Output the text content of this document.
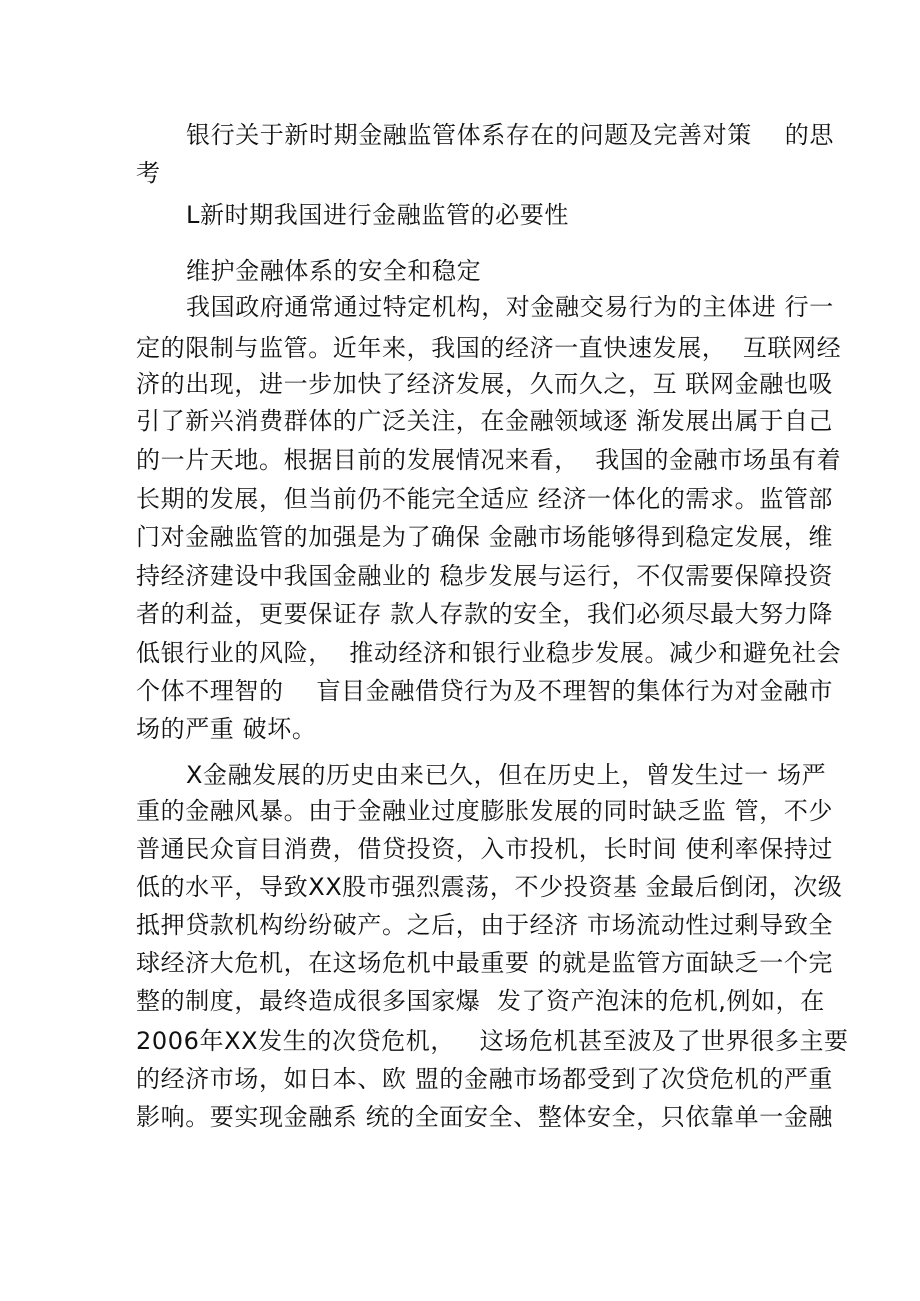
银行关于新时期金融监管体系存在的问题及完善对策    的思
考
L新时期我国进行金融监管的必要性
维护金融体系的安全和稳定
我国政府通常通过特定机构，对金融交易行为的主体进 行一
定的限制与监管。近年来，我国的经济一直快速发展，  互联网经
济的出现，进一步加快了经济发展，久而久之，互 联网金融也吸
引了新兴消费群体的广泛关注，在金融领域逐 渐发展出属于自己
的一片天地。根据目前的发展情况来看，  我国的金融市场虽有着
长期的发展，但当前仍不能完全适应 经济一体化的需求。监管部
门对金融监管的加强是为了确保 金融市场能够得到稳定发展，维
持经济建设中我国金融业的 稳步发展与运行，不仅需要保障投资
者的利益，更要保证存 款人存款的安全，我们必须尽最大努力降
低银行业的风险，  推动经济和银行业稳步发展。减少和避免社会
个体不理智的    盲目金融借贷行为及不理智的集体行为对金融市
场的严重 破坏。
X金融发展的历史由来已久，但在历史上，曾发生过一 场严
重的金融风暴。由于金融业过度膨胀发展的同时缺乏监 管，不少
普通民众盲目消费，借贷投资，入市投机，长时间 使利率保持过
低的水平，导致XX股市强烈震荡，不少投资基 金最后倒闭，次级
抵押贷款机构纷纷破产。之后，由于经济 市场流动性过剩导致全
球经济大危机，在这场危机中最重要 的就是监管方面缺乏一个完
整的制度，最终造成很多国家爆  发了资产泡沫的危机,例如，在
2006年XX发生的次贷危机，   这场危机甚至波及了世界很多主要
的经济市场，如日本、欧 盟的金融市场都受到了次贷危机的严重
影响。要实现金融系 统的全面安全、整体安全，只依靠单一金融
